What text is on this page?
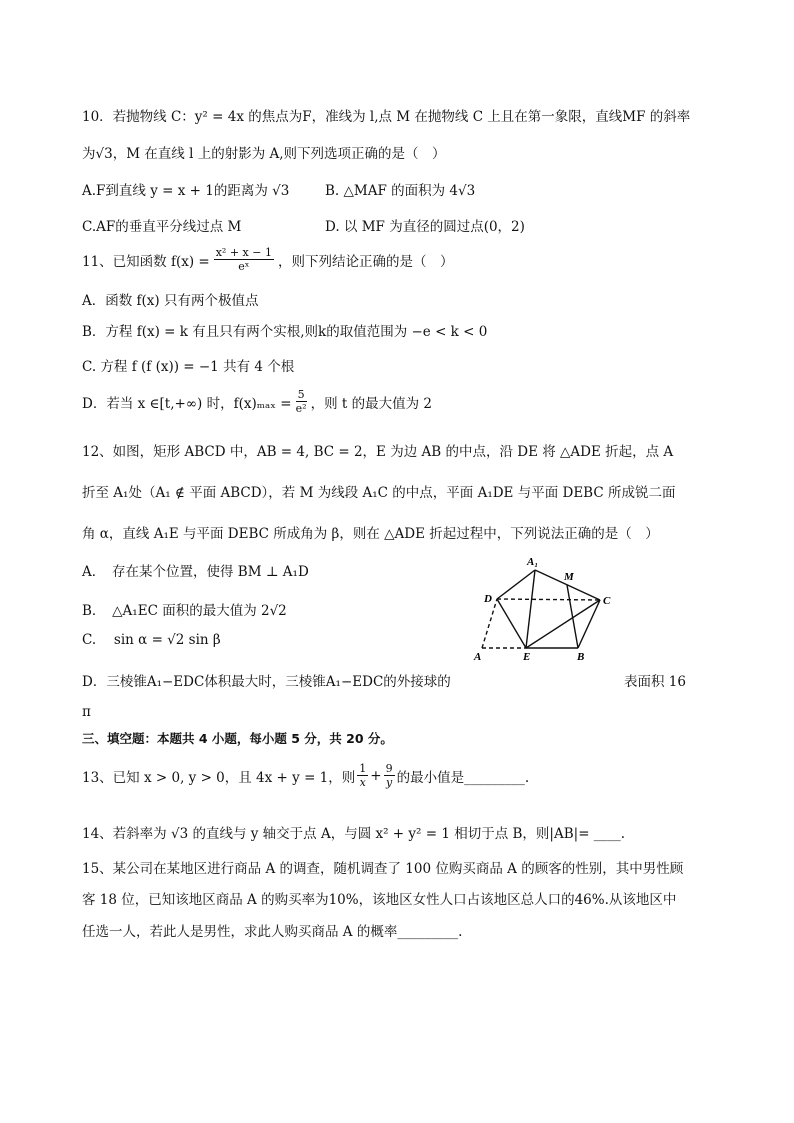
10．若抛物线 C：y² = 4x 的焦点为F，准线为 l,点 M 在抛物线 C 上且在第一象限，直线MF 的斜率
为√3，M 在直线 l 上的射影为 A,则下列选项正确的是（　）
A.F到直线 y = x + 1的距离为 √3	B. △MAF 的面积为 4√3
C.AF的垂直平分线过点 M	D. 以 MF 为直径的圆过点(0，2)
11、已知函数 $f(x) = \frac{\text{x² + x − 1}}{\text{eˣ}}$ ，则下列结论正确的是（　）
A．函数 f(x) 只有两个极值点
B．方程 f(x) = k 有且只有两个实根,则k的取值范围为 −e < k < 0
C. 方程 f (f (x)) = −1 共有 4 个根
D．若当 x ∈[t,+∞) 时，$f(x)_{max} = \frac{5}{\text{e²}}$ ，则 t 的最大值为 2
12、如图，矩形 ABCD 中，AB = 4, BC = 2，E 为边 AB 的中点，沿 DE 将 △ADE 折起，点 A
折至 A₁处（A₁ ∉ 平面 ABCD），若 M 为线段 A₁C 的中点，平面 A₁DE 与平面 DEBC 所成锐二面
角 α，直线 A₁E 与平面 DEBC 所成角为 β，则在 △ADE 折起过程中，下列说法正确的是（　）
A．　存在某个位置，使得 BM ⊥ A₁D
B．　△A₁EC 面积的最大值为 2√2
C.　 sin α = √2 sin β
D．三棱锥A₁−EDC体积最大时，三棱锥A₁−EDC的外接球的	表面积 16
π
A₁
M
D	C
A	E	B
三、填空题：本题共 4 小题，每小题 5 分，共 20 分。
13、已知 x > 0, y > 0，且 4x + y = 1，则 $\frac{1}{x} + \frac{9}{y}$ 的最小值是_________.
14、若斜率为 √3 的直线与 y 轴交于点 A，与圆 x² + y² = 1 相切于点 B，则|AB|= ____.
15、某公司在某地区进行商品 A 的调查，随机调查了 100 位购买商品 A 的顾客的性别，其中男性顾
客 18 位，已知该地区商品 A 的购买率为10%，该地区女性人口占该地区总人口的46%.从该地区中
任选一人，若此人是男性，求此人购买商品 A 的概率_________.
